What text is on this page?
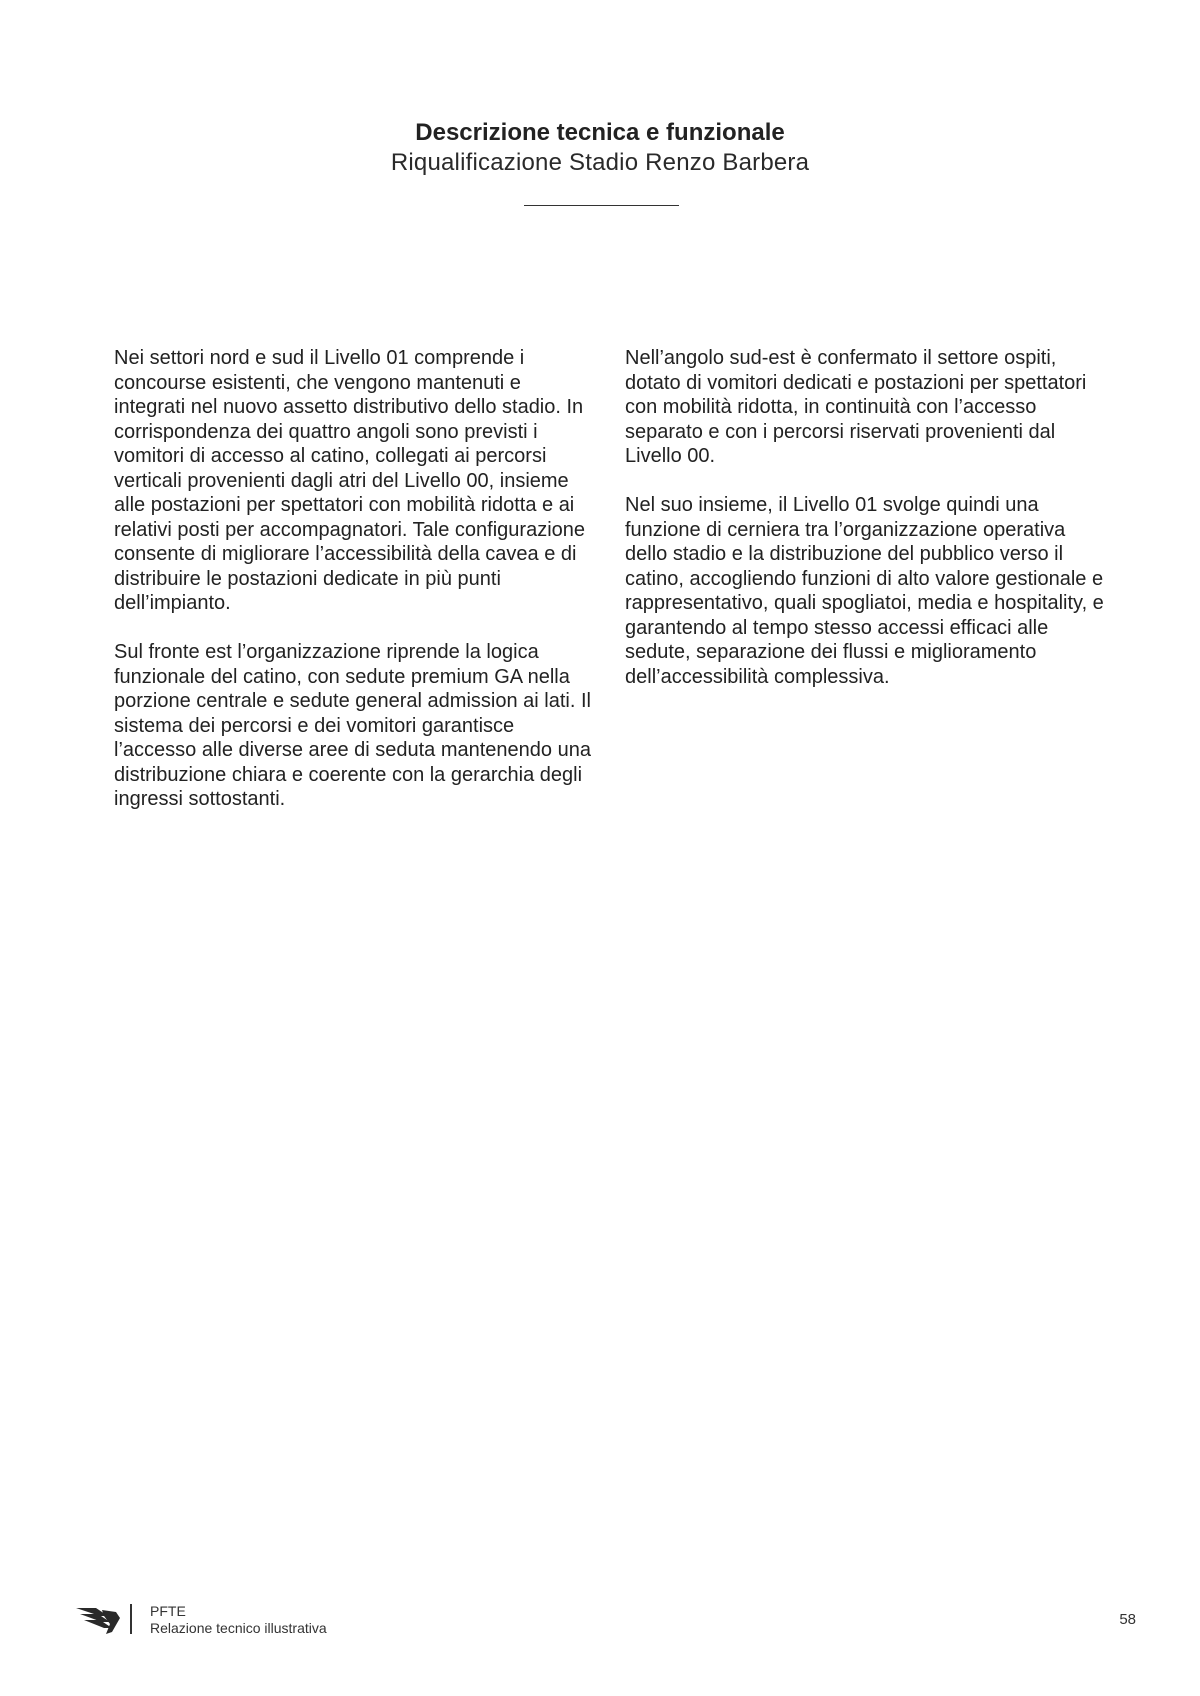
Descrizione tecnica e funzionale

Riqualificazione Stadio Renzo Barbera

Nei settori nord e sud il Livello 01 comprende i concourse esistenti, che vengono mantenuti e integrati nel nuovo assetto distributivo dello stadio. In corrispondenza dei quattro angoli sono previsti i vomitori di accesso al catino, collegati ai percorsi verticali provenienti dagli atri del Livello 00, insieme alle postazioni per spettatori con mobilità ridotta e ai relativi posti per accompagnatori. Tale configurazione consente di migliorare l’accessibilità della cavea e di distribuire le postazioni dedicate in più punti dell’impianto.

Sul fronte est l’organizzazione riprende la logica funzionale del catino, con sedute premium GA nella porzione centrale e sedute general admission ai lati. Il sistema dei percorsi e dei vomitori garantisce l’accesso alle diverse aree di seduta mantenendo una distribuzione chiara e coerente con la gerarchia degli ingressi sottostanti.

Nell’angolo sud-est è confermato il settore ospiti, dotato di vomitori dedicati e postazioni per spettatori con mobilità ridotta, in continuità con l’accesso separato e con i percorsi riservati provenienti dal Livello 00.

Nel suo insieme, il Livello 01 svolge quindi una funzione di cerniera tra l’organizzazione operativa dello stadio e la distribuzione del pubblico verso il catino, accogliendo funzioni di alto valore gestionale e rappresentativo, quali spogliatoi, media e hospitality, e garantendo al tempo stesso accessi efficaci alle sedute, separazione dei flussi e miglioramento dell’accessibilità complessiva.

PFTE
Relazione tecnico illustrativa	58
